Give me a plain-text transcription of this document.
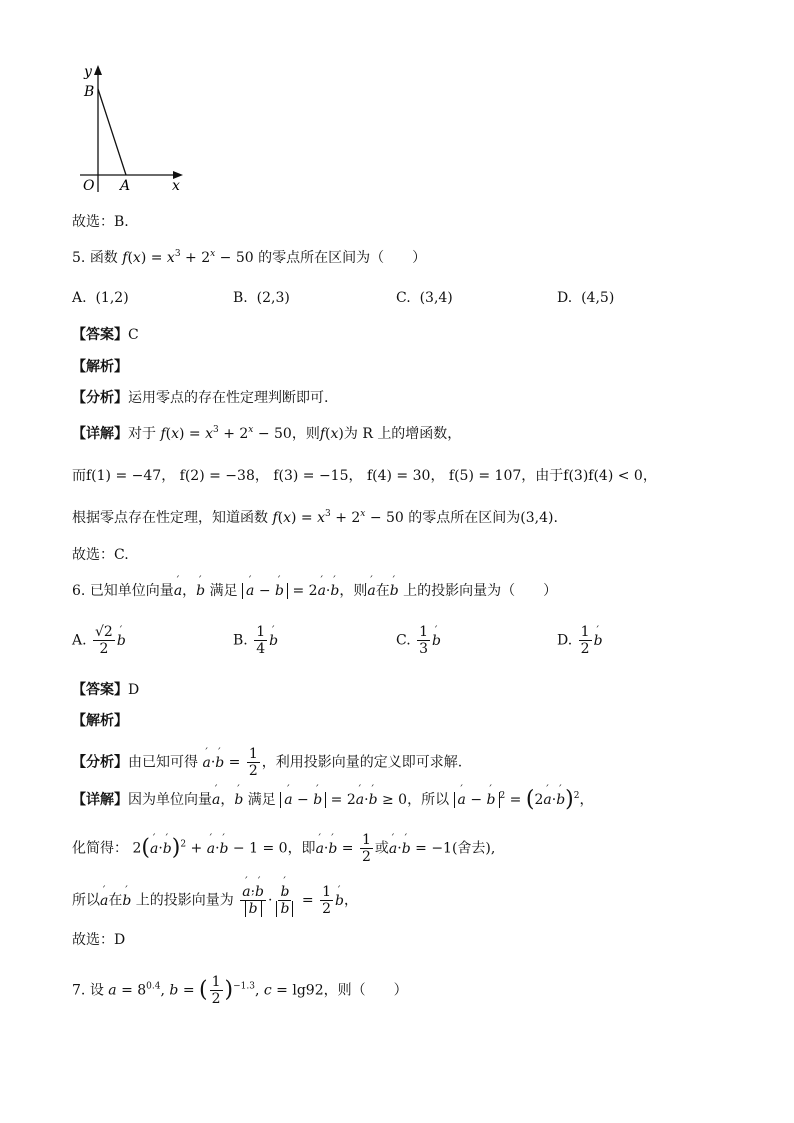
y
B
O A	x
故选：B.
5. 函数 $f(x) = x^3 + 2^x - 50$ 的零点所在区间为（　　）
A. (1,2)	B. (2,3)	C. (3,4)	D. (4,5)
【答案】C
【解析】
【分析】运用零点的存在性定理判断即可.
【详解】对于 $f(x) = x^3 + 2^x - 50$，则f(x)为 R 上的增函数，
而f(1) = −47， f(2) = −38， f(3) = −15， f(4) = 30， f(5) = 107，由于f(3)f(4) < 0，
根据零点存在性定理，知道函数 $f(x) = x^3 + 2^x - 50$ 的零点所在区间为(3,4).
故选：C.
6. 已知单位向量ˊ a，ˊ b 满足 ˊ a − ˊ b = 2ˊ a·ˊ b，则ˊ a在ˊ b 上的投影向量为（　　）
A. $\frac{√2}{2}$ ˊ b	B. $\frac{1}{4}$ ˊ b	C. $\frac{1}{3}$ ˊ b	D. $\frac{1}{2}$ ˊ b
【答案】D
【解析】
【分析】由已知可得 ˊ a·ˊ $b = \frac{1}{2}$ ，利用投影向量的定义即可求解.
【详解】因为单位向量ˊ a，ˊ b 满足 ˊ a − ˊ b = 2ˊ a·ˊ b ≥ 0，所以 ˊ a − ˊ b $^2$ = (2ˊ a·ˊ b)$^2$，
化简得： 2(ˊ a·ˊ b)$^2$ + ˊ a·ˊ b − 1 = 0，即ˊ a·ˊ $b = \frac{1}{2}$ 或ˊ a·ˊ b = −1(舍去),
所以ˊ a在ˊ b 上的投影向量为 ˊ a·ˊ b
ˊ b · ˊ b
ˊ $b = \frac{1}{2}$ ˊ b，
故选：D
7. 设 $a = 8^{0.4}$, b = ( $\frac{1}{2} )^{-1.3}$, c = lg92，则（　　）
